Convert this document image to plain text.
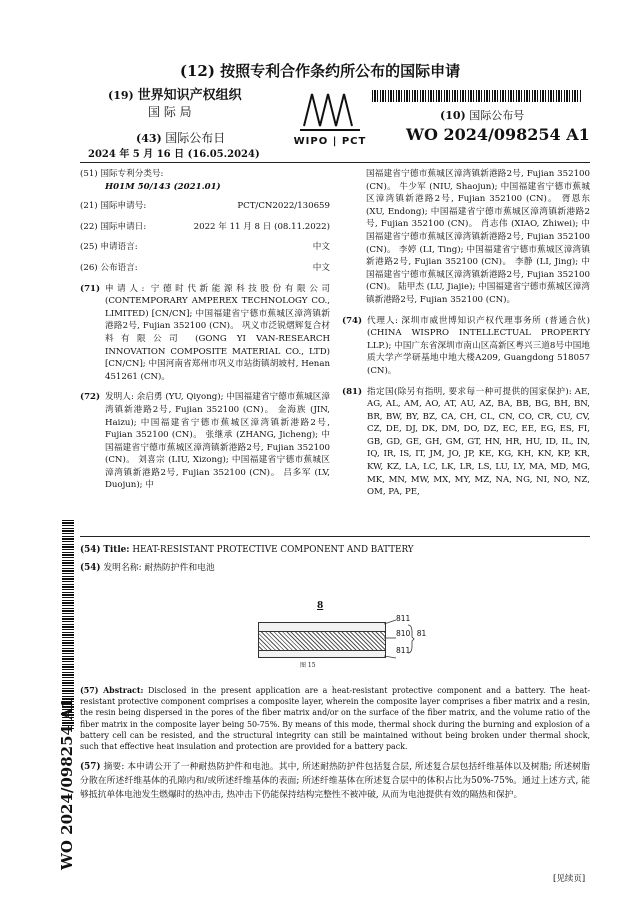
(12) 按照专利合作条约所公布的国际申请
(19) 世界知识产权组织
国 际 局
(43) 国际公布日
2024 年 5 月 16 日 (16.05.2024)
WIPO | PCT
(10) 国际公布号
WO 2024/098254 A1
(51) 国际专利分类号:
H01M 50/143 (2021.01)
(21) 国际申请号:	PCT/CN2022/130659
(22) 国际申请日:	2022 年 11 月 8 日 (08.11.2022)
(25) 申请语言:	中文
(26) 公布语言:	中文
(71) 申请人: 宁德时代新能源科技股份有限公司 (CONTEMPORARY AMPEREX TECHNOLOGY CO., LIMITED) [CN/CN]; 中国福建省宁德市蕉城区漳湾镇新港路2号, Fujian 352100 (CN)。 巩义市泛锐熠辉复合材料有限公司 (GONG YI VAN-RESEARCH INNOVATION COMPOSITE MATERIAL CO., LTD) [CN/CN]; 中国河南省郑州市巩义市站街镇胡坡村, Henan 451261 (CN)。
(72) 发明人: 余启勇 (YU, Qiyong); 中国福建省宁德市蕉城区漳湾镇新港路2号, Fujian 352100 (CN)。 金海族 (JIN, Haizu); 中国福建省宁德市蕉城区漳湾镇新港路2号, Fujian 352100 (CN)。 张继承 (ZHANG, Jicheng); 中国福建省宁德市蕉城区漳湾镇新港路2号, Fujian 352100 (CN)。 刘喜宗 (LIU, Xizong); 中国福建省宁德市蕉城区漳湾镇新港路2号, Fujian 352100 (CN)。 吕多军 (LV, Duojun); 中
国福建省宁德市蕉城区漳湾镇新港路2号, Fujian 352100 (CN)。 牛少军 (NIU, Shaojun); 中国福建省宁德市蕉城区漳湾镇新港路2号, Fujian 352100 (CN)。 胥恩东 (XU, Endong); 中国福建省宁德市蕉城区漳湾镇新港路2号, Fujian 352100 (CN)。 肖志伟 (XIAO, Zhiwei); 中国福建省宁德市蕉城区漳湾镇新港路2号, Fujian 352100 (CN)。 李婷 (LI, Ting); 中国福建省宁德市蕉城区漳湾镇新港路2号, Fujian 352100 (CN)。 李静 (LI, Jing); 中国福建省宁德市蕉城区漳湾镇新港路2号, Fujian 352100 (CN)。 陆甲杰 (LU, Jiajie); 中国福建省宁德市蕉城区漳湾镇新港路2号, Fujian 352100 (CN)。
(74) 代理人: 深圳市威世博知识产权代理事务所 (普通合伙) (CHINA WISPRO INTELLECTUAL PROPERTY LLP.); 中国广东省深圳市南山区高新区粤兴三道8号中国地质大学产学研基地中地大楼A209, Guangdong 518057 (CN)。
(81) 指定国(除另有指明, 要求每一种可提供的国家保护): AE, AG, AL, AM, AO, AT, AU, AZ, BA, BB, BG, BH, BN, BR, BW, BY, BZ, CA, CH, CL, CN, CO, CR, CU, CV, CZ, DE, DJ, DK, DM, DO, DZ, EC, EE, EG, ES, FI, GB, GD, GE, GH, GM, GT, HN, HR, HU, ID, IL, IN, IQ, IR, IS, IT, JM, JO, JP, KE, KG, KH, KN, KP, KR, KW, KZ, LA, LC, LK, LR, LS, LU, LY, MA, MD, MG, MK, MN, MW, MX, MY, MZ, NA, NG, NI, NO, NZ, OM, PA, PE,
(54) Title: HEAT-RESISTANT PROTECTIVE COMPONENT AND BATTERY
(54) 发明名称: 耐热防护件和电池
8
811
810 81
811
图 15
(57) Abstract: Disclosed in the present application are a heat-resistant protective component and a battery. The heat-resistant protective component comprises a composite layer, wherein the composite layer comprises a fiber matrix and a resin, the resin being dispersed in the pores of the fiber matrix and/or on the surface of the fiber matrix, and the volume ratio of the fiber matrix in the composite layer being 50-75%. By means of this mode, thermal shock during the burning and explosion of a battery cell can be resisted, and the structural integrity can still be maintained without being broken under thermal shock, such that effective heat insulation and protection are provided for a battery pack.
(57) 摘要: 本申请公开了一种耐热防护件和电池。其中, 所述耐热防护件包括复合层, 所述复合层包括纤维基体以及树脂; 所述树脂分散在所述纤维基体的孔隙内和/或所述纤维基体的表面; 所述纤维基体在所述复合层中的体积占比为50%-75%。通过上述方式, 能够抵抗单体电池发生燃爆时的热冲击, 热冲击下仍能保持结构完整性不被冲破, 从而为电池提供有效的隔热和保护。
WO 2024/098254 A1
[见续页]
